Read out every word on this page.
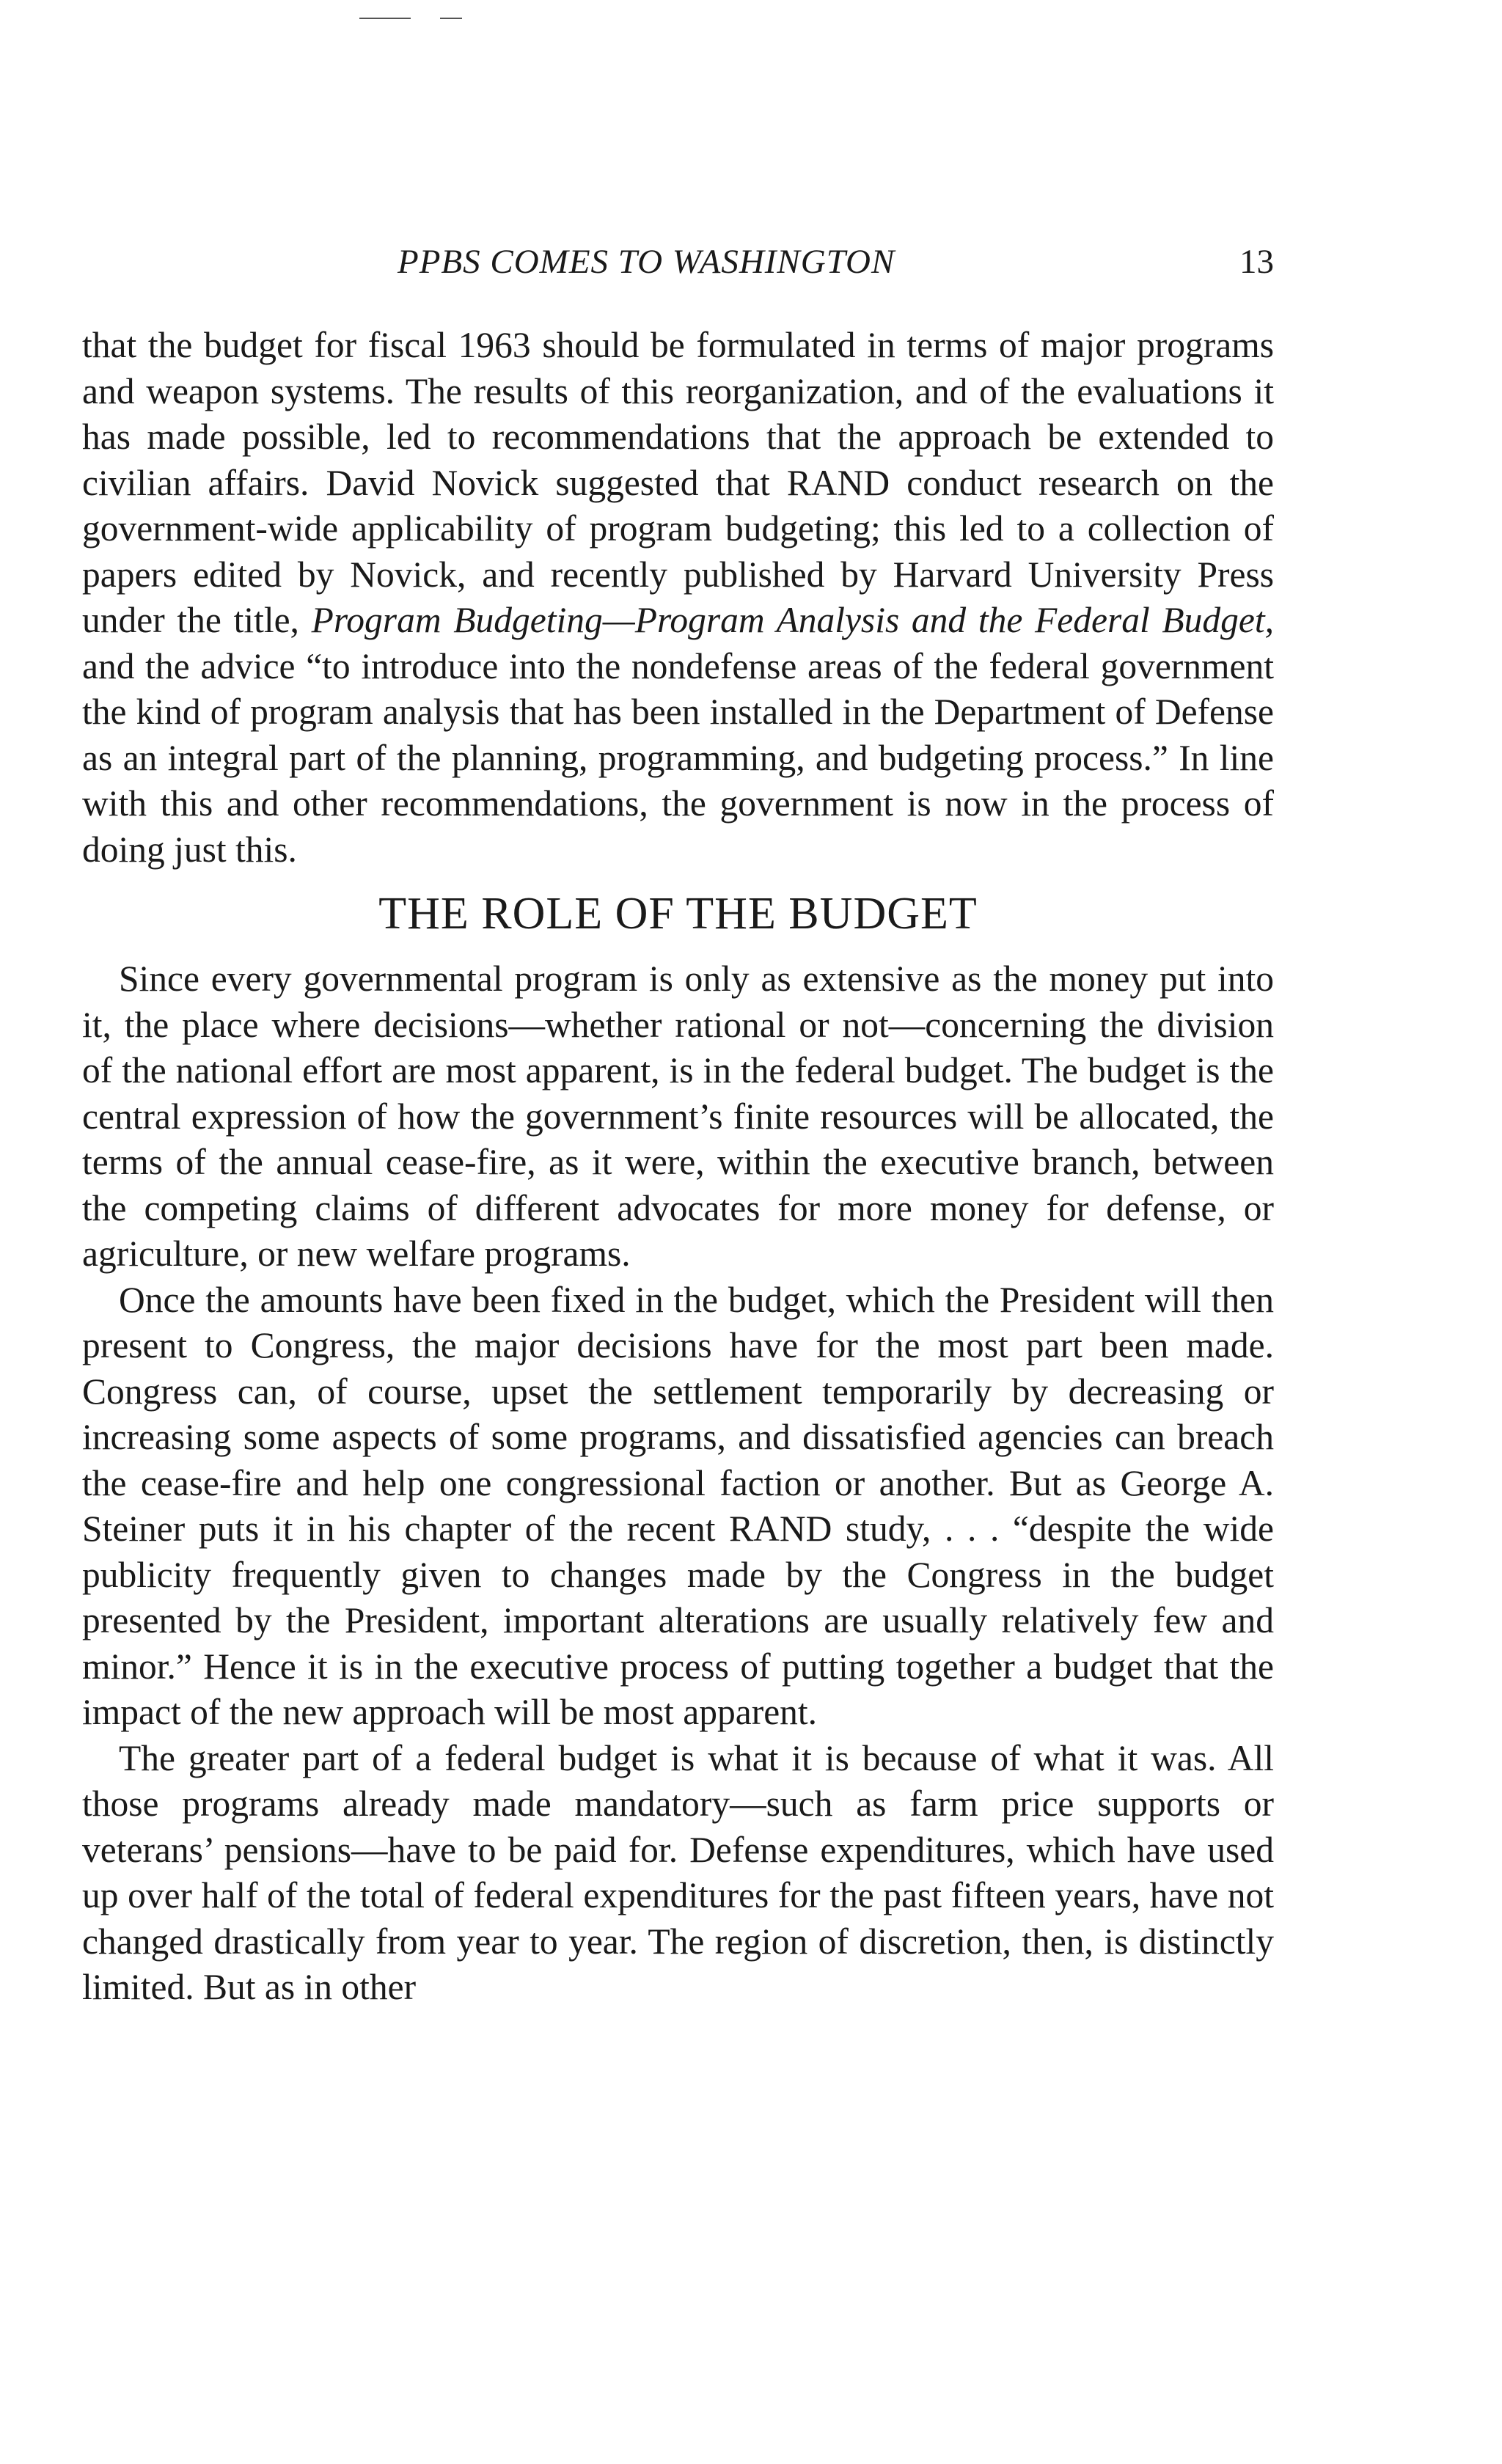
PPBS COMES TO WASHINGTON	13

that the budget for fiscal 1963 should be formulated in terms of major programs and weapon systems. The results of this reorganization, and of the evaluations it has made possible, led to recommendations that the approach be extended to civilian affairs. David Novick suggested that RAND conduct research on the government-wide applicability of program budgeting; this led to a collection of papers edited by Novick, and recently published by Harvard University Press under the title, Program Budgeting—Program Analysis and the Federal Budget, and the advice “to introduce into the nondefense areas of the federal government the kind of program analysis that has been installed in the Department of Defense as an integral part of the planning, programming, and budgeting process.” In line with this and other recommendations, the government is now in the process of doing just this.

THE ROLE OF THE BUDGET

Since every governmental program is only as extensive as the money put into it, the place where decisions—whether rational or not—concerning the division of the national effort are most apparent, is in the federal budget. The budget is the central expression of how the government’s finite resources will be allocated, the terms of the annual cease-fire, as it were, within the executive branch, between the competing claims of different advocates for more money for defense, or agriculture, or new welfare programs.

Once the amounts have been fixed in the budget, which the President will then present to Congress, the major decisions have for the most part been made. Congress can, of course, upset the settlement temporarily by decreasing or increasing some aspects of some programs, and dissatisfied agencies can breach the cease-fire and help one congressional faction or another. But as George A. Steiner puts it in his chapter of the recent RAND study, . . . “despite the wide publicity frequently given to changes made by the Congress in the budget presented by the President, important alterations are usually relatively few and minor.” Hence it is in the executive process of putting together a budget that the impact of the new approach will be most apparent.

The greater part of a federal budget is what it is because of what it was. All those programs already made mandatory—such as farm price supports or veterans’ pensions—have to be paid for. Defense expenditures, which have used up over half of the total of federal expenditures for the past fifteen years, have not changed drastically from year to year. The region of discretion, then, is distinctly limited. But as in other
